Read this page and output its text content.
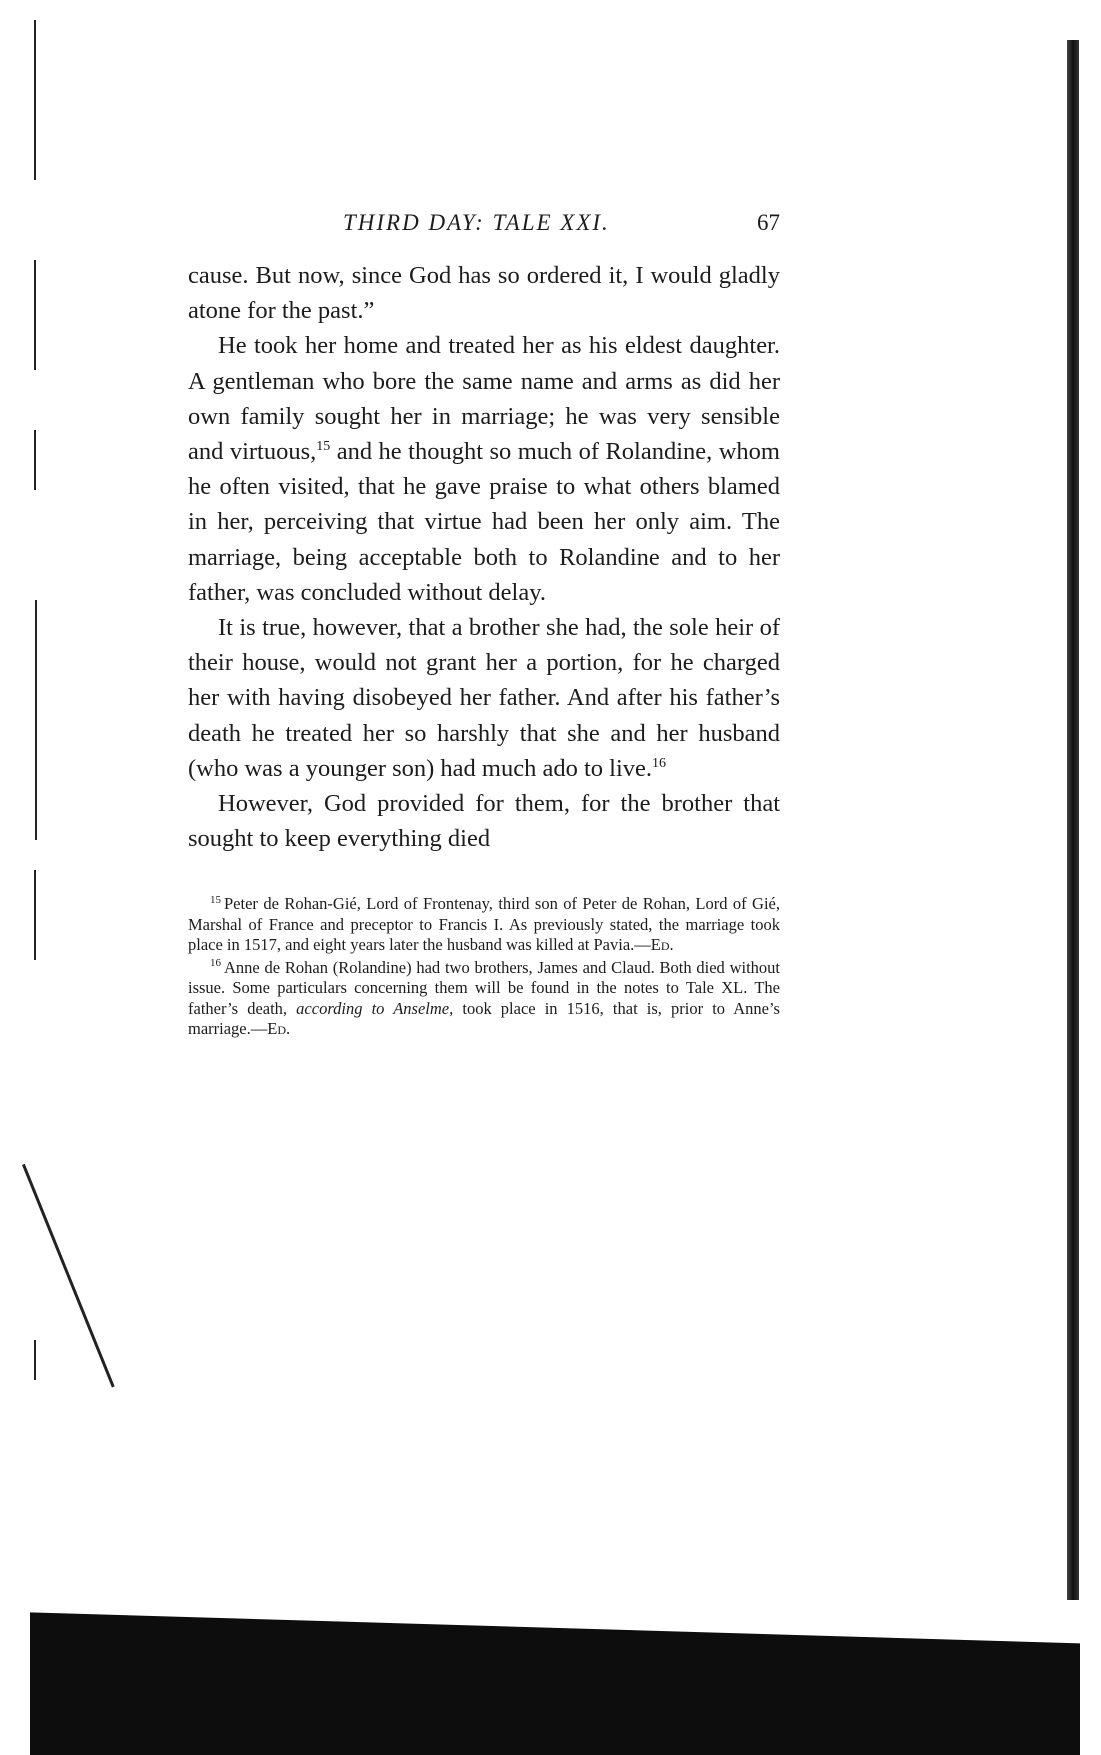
THIRD DAY: TALE XXI.	67

cause. But now, since God has so ordered it, I would gladly atone for the past.”

He took her home and treated her as his eldest daughter. A gentleman who bore the same name and arms as did her own family sought her in marriage; he was very sensible and virtuous,$^{15}$ and he thought so much of Rolandine, whom he often visited, that he gave praise to what others blamed in her, perceiving that virtue had been her only aim. The marriage, being acceptable both to Rolandine and to her father, was concluded without delay.

It is true, however, that a brother she had, the sole heir of their house, would not grant her a portion, for he charged her with having disobeyed her father. And after his father’s death he treated her so harshly that she and her husband (who was a younger son) had much ado to live.$^{16}$

However, God provided for them, for the brother that sought to keep everything died

$^{15}$ Peter de Rohan-Gié, Lord of Frontenay, third son of Peter de Rohan, Lord of Gié, Marshal of France and preceptor to Francis I. As previously stated, the marriage took place in 1517, and eight years later the husband was killed at Pavia.—Ed.

$^{16}$ Anne de Rohan (Rolandine) had two brothers, James and Claud. Both died without issue. Some particulars concerning them will be found in the notes to Tale XL. The father’s death, according to Anselme, took place in 1516, that is, prior to Anne’s marriage.—Ed.
